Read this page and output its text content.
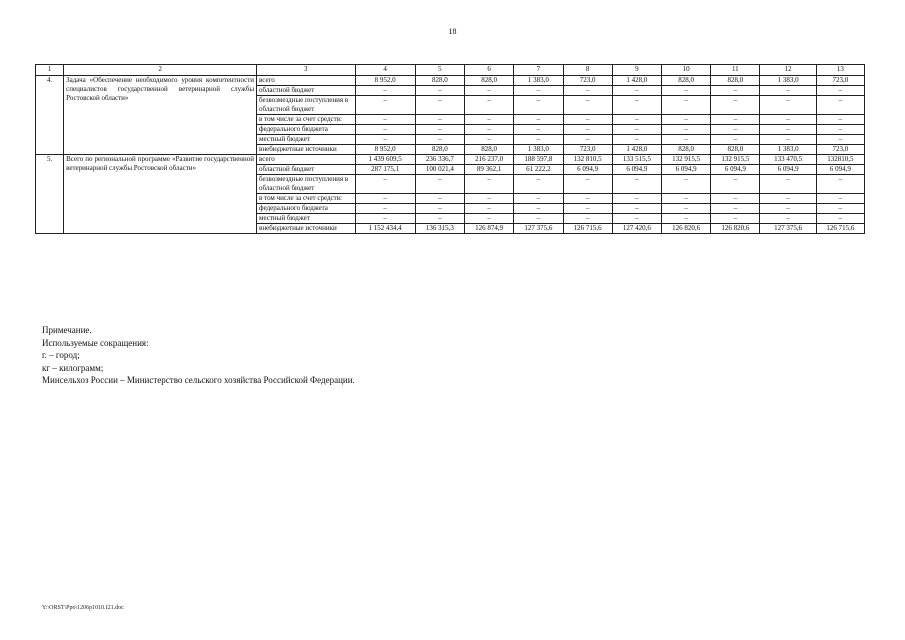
18
1	2	3	4	5	6	7	8	9	10	11	12	13
4.	Задача «Обеспечение необходимого уровня компетентности специалистов государственной ветеринарной службы Ростовской области»	всего	8 952,0	828,0	828,0	1 383,0	723,0	1 428,0	828,0	828,0	1 383,0	723,0
		областной бюджет	–	–	–	–	–	–	–	–	–	–
		безвозмездные поступления в областной бюджет	–	–	–	–	–	–	–	–	–	–
		в том числе за счет средств:	–	–	–	–	–	–	–	–	–	–
		федерального бюджета	–	–	–	–	–	–	–	–	–	–
		местный бюджет	–	–	–	–	–	–	–	–	–	–
		внебюджетные источники	8 952,0	828,0	828,0	1 383,0	723,0	1 428,0	828,0	828,0	1 383,0	723,0
5.	Всего по региональной программе «Развитие государственной ветеринарной службы Ростовской области»	всего	1 439 609,5	236 336,7	216 237,0	188 597,8	132 810,5	133 515,5	132 915,5	132 915,5	133 470,5	132810,5
		областной бюджет	287 175,1	100 021,4	89 362,1	61 222,2	6 094,9	6 094,9	6 094,9	6 094,9	6 094,9	6 094,9
		безвозмездные поступления в областной бюджет	–	–	–	–	–	–	–	–	–	–
		в том числе за счет средств:	–	–	–	–	–	–	–	–	–	–
		федерального бюджета	–	–	–	–	–	–	–	–	–	–
		местный бюджет	–	–	–	–	–	–	–	–	–	–
		внебюджетные источники	1 152 434,4	136 315,3	126 874,9	127 375,6	126 715,6	127 420,6	126 820,6	126 820,6	127 375,6	126 715,6
Примечание.
Используемые сокращения:
г. – город;
кг – килограмм;
Минсельхоз России – Министерство сельского хозяйства Российской Федерации.
Y:\ORST\Ppo\1206p1010.f21.doc
